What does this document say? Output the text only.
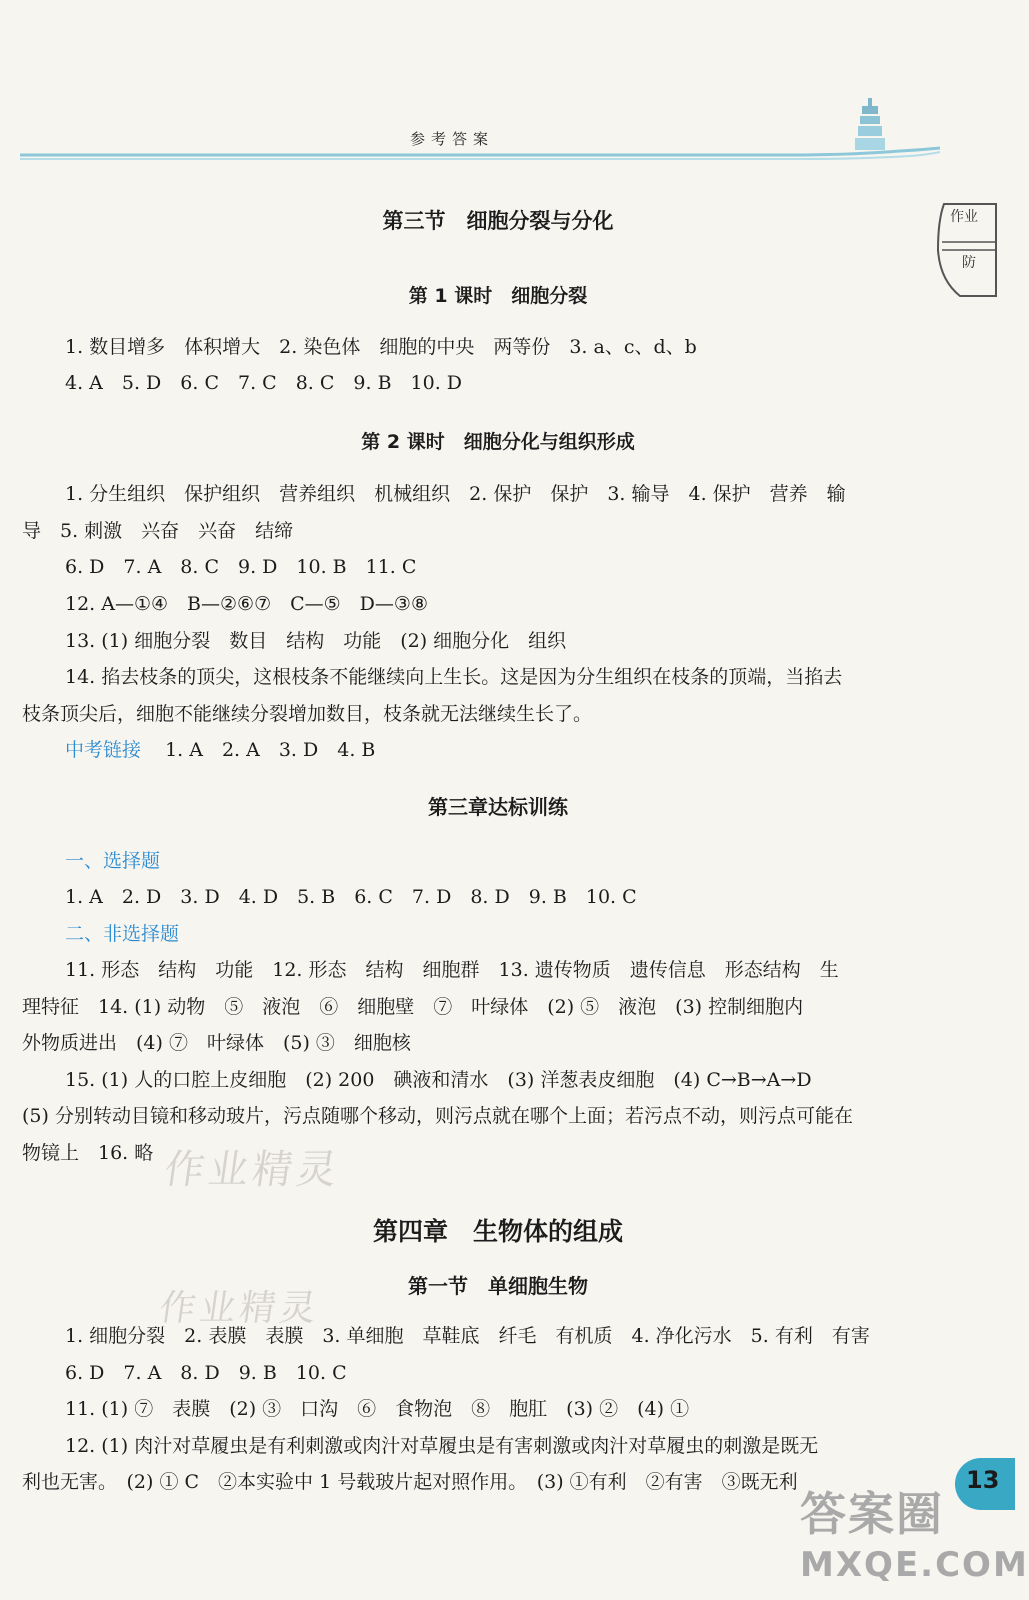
参考答案
作业
防
作业精灵
作业精灵
第三节　细胞分裂与分化
第 1 课时　细胞分裂
1. 数目增多　体积增大　2. 染色体　细胞的中央　两等份　3. a、c、d、b
4. A　5. D　6. C　7. C　8. C　9. B　10. D
第 2 课时　细胞分化与组织形成
1. 分生组织　保护组织　营养组织　机械组织　2. 保护　保护　3. 输导　4. 保护　营养　输
导　5. 刺激　兴奋　兴奋　结缔
6. D　7. A　8. C　9. D　10. B　11. C
12. A—①④　B—②⑥⑦　C—⑤　D—③⑧
13. (1) 细胞分裂　数目　结构　功能　(2) 细胞分化　组织
14. 掐去枝条的顶尖，这根枝条不能继续向上生长。这是因为分生组织在枝条的顶端，当掐去
枝条顶尖后，细胞不能继续分裂增加数目，枝条就无法继续生长了。
中考链接 1. A　2. A　3. D　4. B
第三章达标训练
一、选择题
1. A　2. D　3. D　4. D　5. B　6. C　7. D　8. D　9. B　10. C
二、非选择题
11. 形态　结构　功能　12. 形态　结构　细胞群　13. 遗传物质　遗传信息　形态结构　生
理特征　14. (1) 动物　⑤　液泡　⑥　细胞壁　⑦　叶绿体　(2) ⑤　液泡　(3) 控制细胞内
外物质进出　(4) ⑦　叶绿体　(5) ③　细胞核
15. (1) 人的口腔上皮细胞　(2) 200　碘液和清水　(3) 洋葱表皮细胞　(4) C→B→A→D
(5) 分别转动目镜和移动玻片，污点随哪个移动，则污点就在哪个上面；若污点不动，则污点可能在
物镜上　16. 略
第四章　生物体的组成
第一节　单细胞生物
1. 细胞分裂　2. 表膜　表膜　3. 单细胞　草鞋底　纤毛　有机质　4. 净化污水　5. 有利　有害
6. D　7. A　8. D　9. B　10. C
11. (1) ⑦　表膜　(2) ③　口沟　⑥　食物泡　⑧　胞肛　(3) ②　(4) ①
12. (1) 肉汁对草履虫是有利刺激或肉汁对草履虫是有害刺激或肉汁对草履虫的刺激是既无
利也无害。　(2) ① C　②本实验中 1 号载玻片起对照作用。　(3) ①有利　②有害　③既无利	13
答案圈
MXQE.COM
